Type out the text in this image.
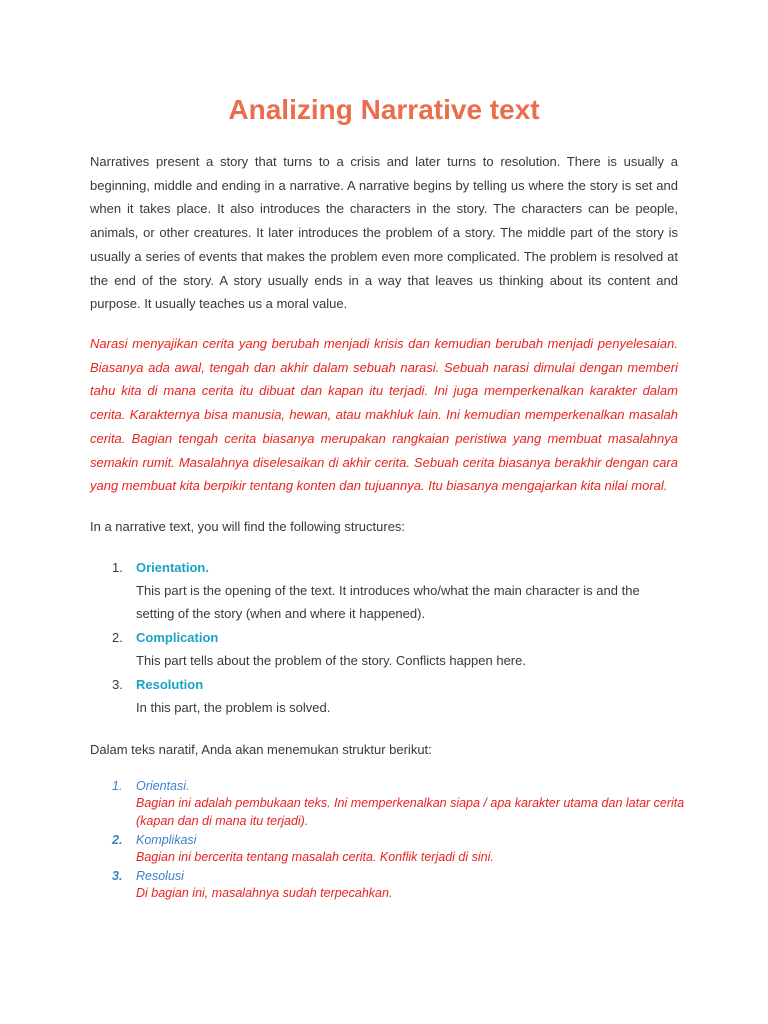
Analizing Narrative text

Narratives present a story that turns to a crisis and later turns to resolution. There is usually a beginning, middle and ending in a narrative. A narrative begins by telling us where the story is set and when it takes place. It also introduces the characters in the story. The characters can be people, animals, or other creatures. It later introduces the problem of a story. The middle part of the story is usually a series of events that makes the problem even more complicated. The problem is resolved at the end of the story. A story usually ends in a way that leaves us thinking about its content and purpose. It usually teaches us a moral value.

Narasi menyajikan cerita yang berubah menjadi krisis dan kemudian berubah menjadi penyelesaian. Biasanya ada awal, tengah dan akhir dalam sebuah narasi. Sebuah narasi dimulai dengan memberi tahu kita di mana cerita itu dibuat dan kapan itu terjadi. Ini juga memperkenalkan karakter dalam cerita. Karakternya bisa manusia, hewan, atau makhluk lain. Ini kemudian memperkenalkan masalah cerita. Bagian tengah cerita biasanya merupakan rangkaian peristiwa yang membuat masalahnya semakin rumit. Masalahnya diselesaikan di akhir cerita. Sebuah cerita biasanya berakhir dengan cara yang membuat kita berpikir tentang konten dan tujuannya. Itu biasanya mengajarkan kita nilai moral.

In a narrative text, you will find the following structures:

1.	Orientation.
This part is the opening of the text. It introduces who/what the main character is and the setting of the story (when and where it happened).
2.	Complication
This part tells about the problem of the story. Conflicts happen here.
3.	Resolution
In this part, the problem is solved.

Dalam teks naratif, Anda akan menemukan struktur berikut:

1.	Orientasi.
Bagian ini adalah pembukaan teks. Ini memperkenalkan siapa / apa karakter utama dan latar cerita (kapan dan di mana itu terjadi).
2.	Komplikasi
Bagian ini bercerita tentang masalah cerita. Konflik terjadi di sini.
3.	Resolusi
Di bagian ini, masalahnya sudah terpecahkan.
